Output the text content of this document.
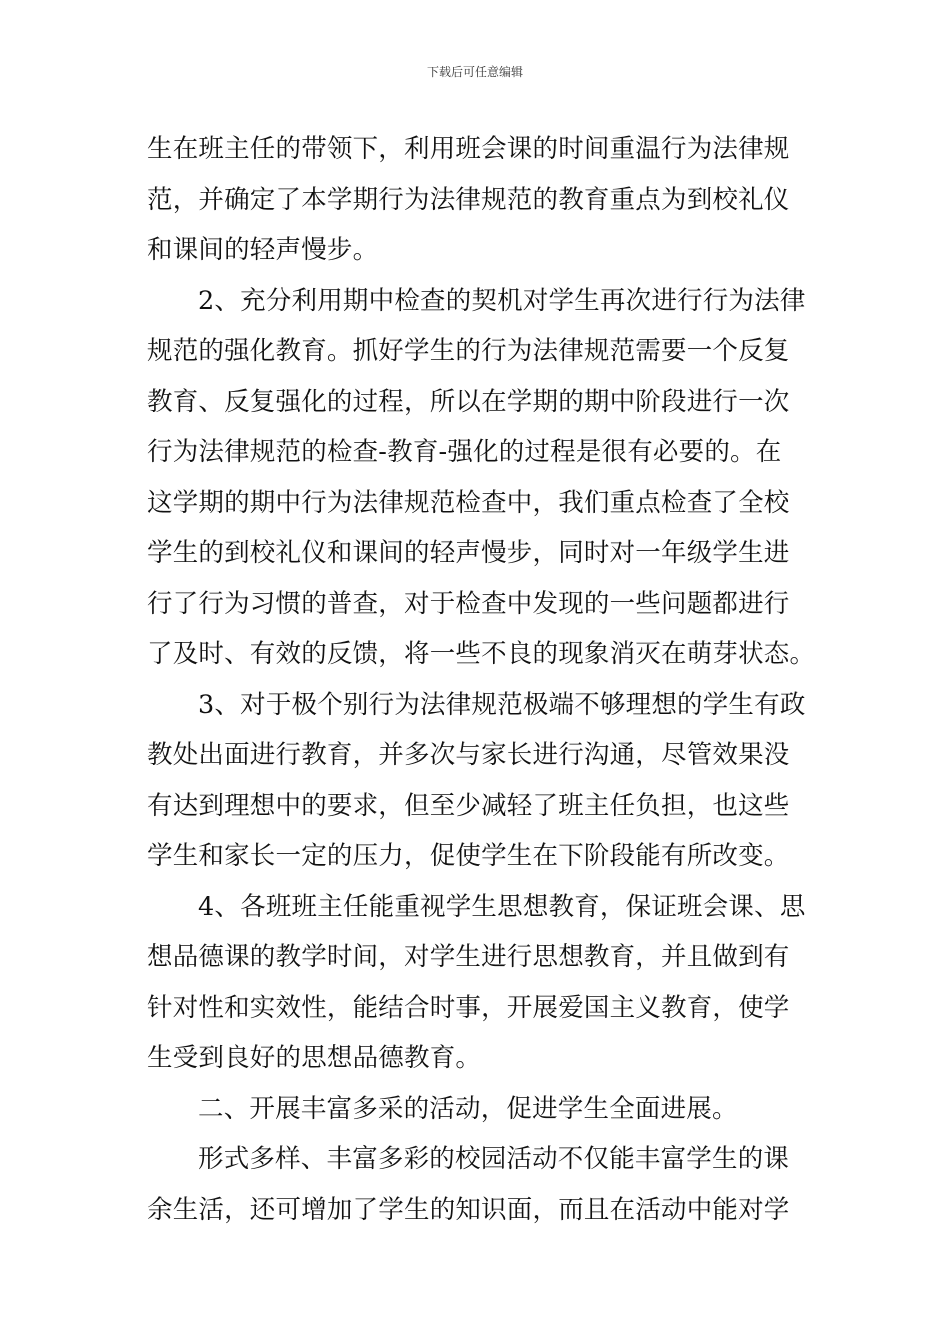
下载后可任意编辑
生在班主任的带领下，利用班会课的时间重温行为法律规
范，并确定了本学期行为法律规范的教育重点为到校礼仪
和课间的轻声慢步。
2、充分利用期中检查的契机对学生再次进行行为法律
规范的强化教育。抓好学生的行为法律规范需要一个反复
教育、反复强化的过程，所以在学期的期中阶段进行一次
行为法律规范的检查-教育-强化的过程是很有必要的。在
这学期的期中行为法律规范检查中，我们重点检查了全校
学生的到校礼仪和课间的轻声慢步，同时对一年级学生进
行了行为习惯的普查，对于检查中发现的一些问题都进行
了及时、有效的反馈，将一些不良的现象消灭在萌芽状态。
3、对于极个别行为法律规范极端不够理想的学生有政
教处出面进行教育，并多次与家长进行沟通，尽管效果没
有达到理想中的要求，但至少减轻了班主任负担，也这些
学生和家长一定的压力，促使学生在下阶段能有所改变。
4、各班班主任能重视学生思想教育，保证班会课、思
想品德课的教学时间，对学生进行思想教育，并且做到有
针对性和实效性，能结合时事，开展爱国主义教育，使学
生受到良好的思想品德教育。
二、开展丰富多采的活动，促进学生全面进展。
形式多样、丰富多彩的校园活动不仅能丰富学生的课
余生活，还可增加了学生的知识面，而且在活动中能对学
